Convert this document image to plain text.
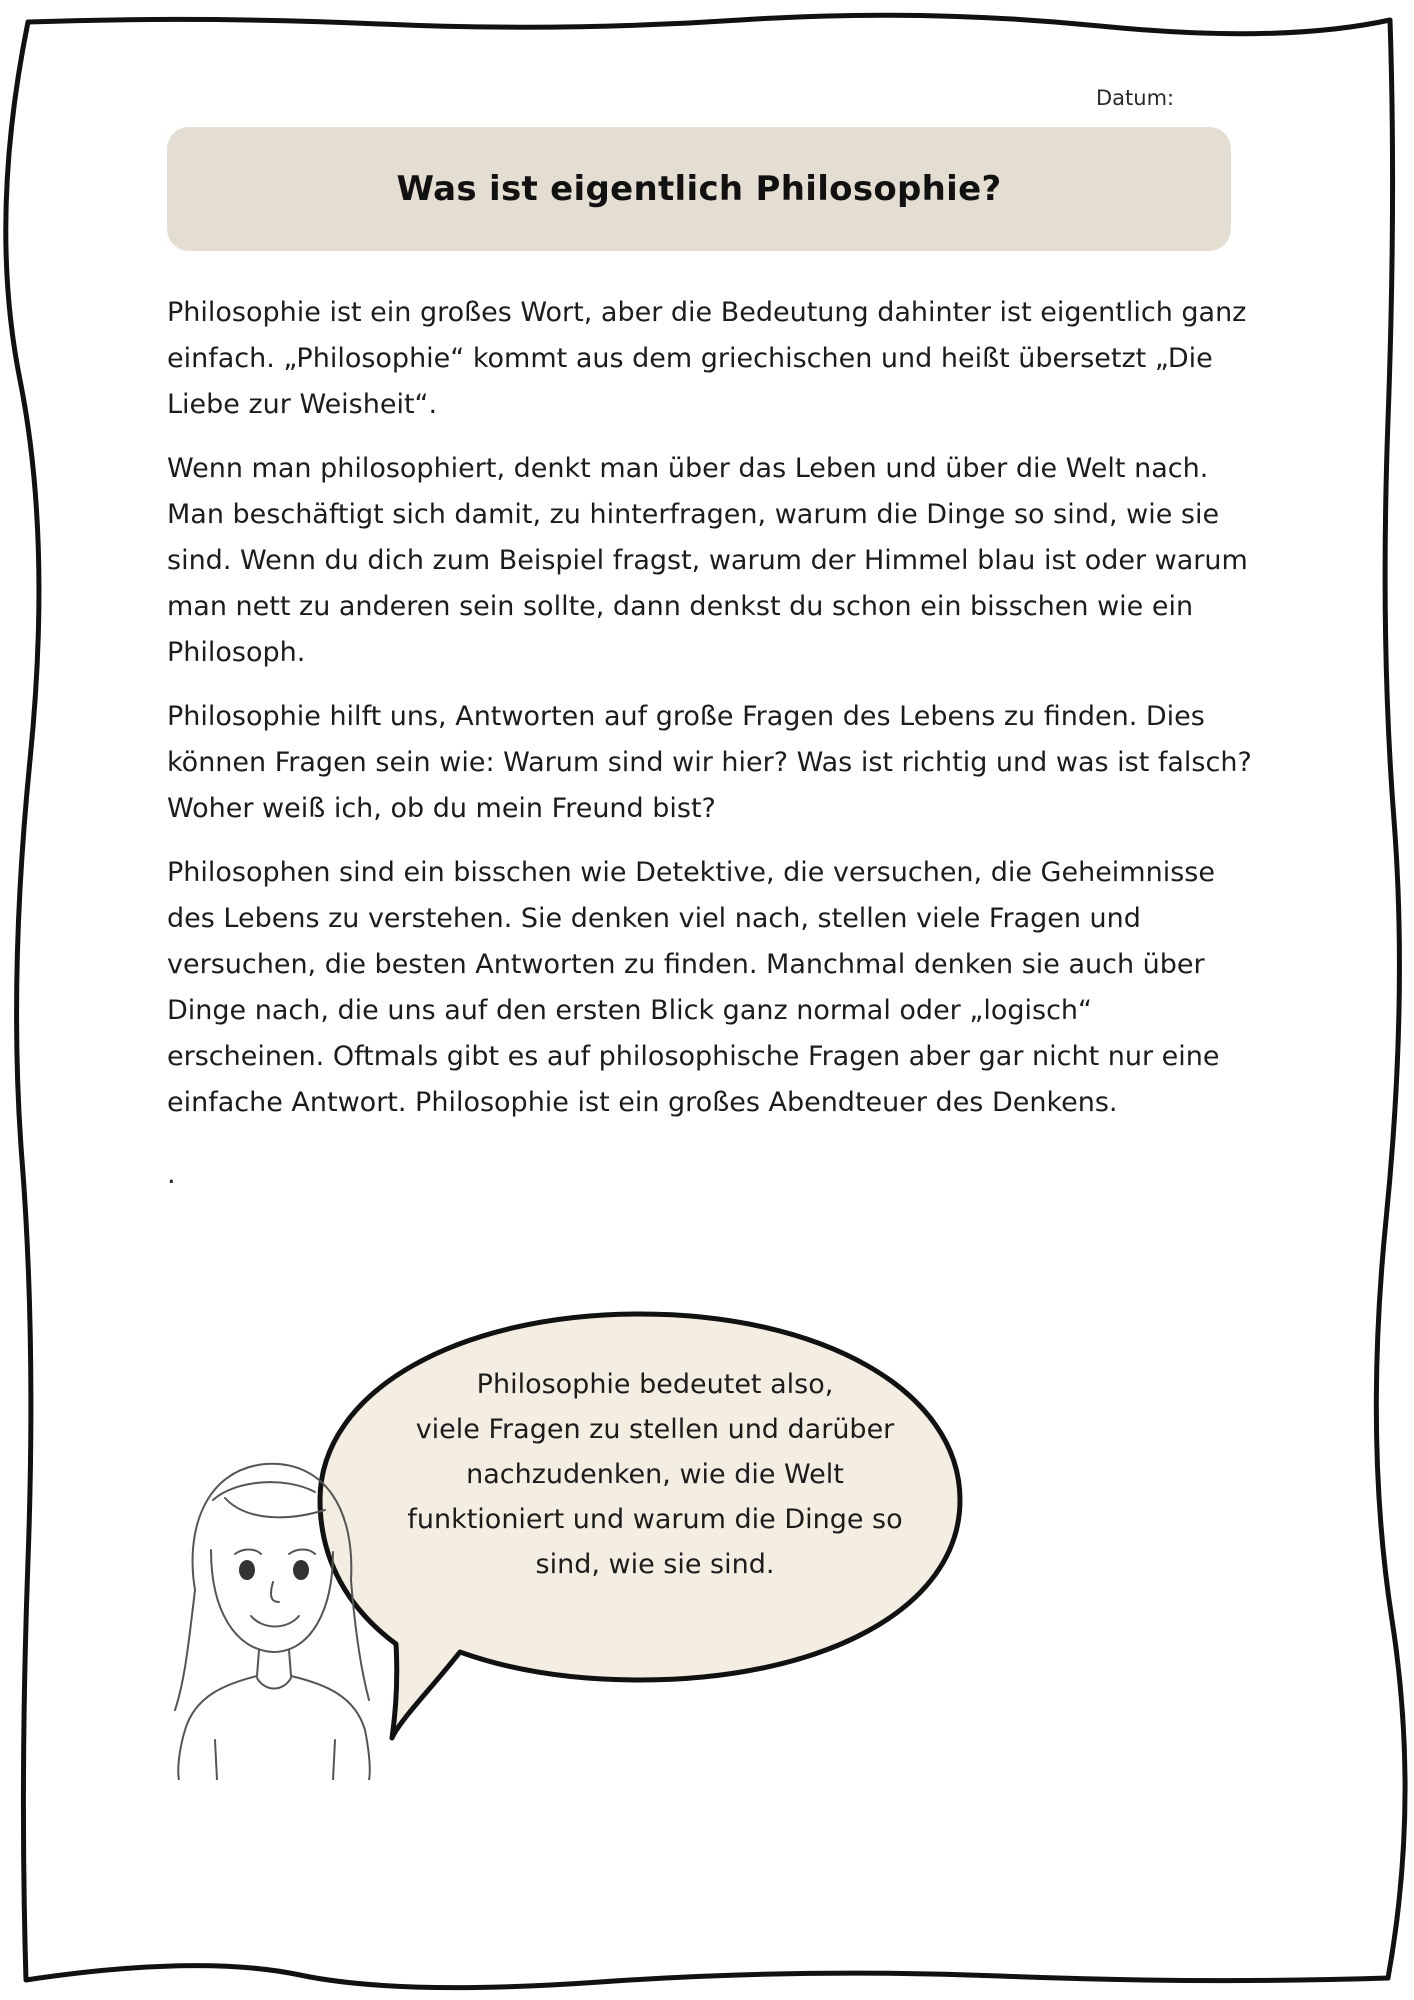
Datum:
Was ist eigentlich Philosophie?

Philosophie ist ein großes Wort, aber die Bedeutung dahinter ist eigentlich ganz einfach. „Philosophie“ kommt aus dem griechischen und heißt übersetzt „Die Liebe zur Weisheit“.

Wenn man philosophiert, denkt man über das Leben und über die Welt nach. Man beschäftigt sich damit, zu hinterfragen, warum die Dinge so sind, wie sie sind. Wenn du dich zum Beispiel fragst, warum der Himmel blau ist oder warum man nett zu anderen sein sollte, dann denkst du schon ein bisschen wie ein Philosoph.

Philosophie hilft uns, Antworten auf große Fragen des Lebens zu finden. Dies können Fragen sein wie: Warum sind wir hier? Was ist richtig und was ist falsch? Woher weiß ich, ob du mein Freund bist?

Philosophen sind ein bisschen wie Detektive, die versuchen, die Geheimnisse des Lebens zu verstehen. Sie denken viel nach, stellen viele Fragen und versuchen, die besten Antworten zu finden. Manchmal denken sie auch über Dinge nach, die uns auf den ersten Blick ganz normal oder „logisch“ erscheinen. Oftmals gibt es auf philosophische Fragen aber gar nicht nur eine einfache Antwort. Philosophie ist ein großes Abendteuer des Denkens.

.
Philosophie bedeutet also,
viele Fragen zu stellen und darüber
nachzudenken, wie die Welt
funktioniert und warum die Dinge so
sind, wie sie sind.
